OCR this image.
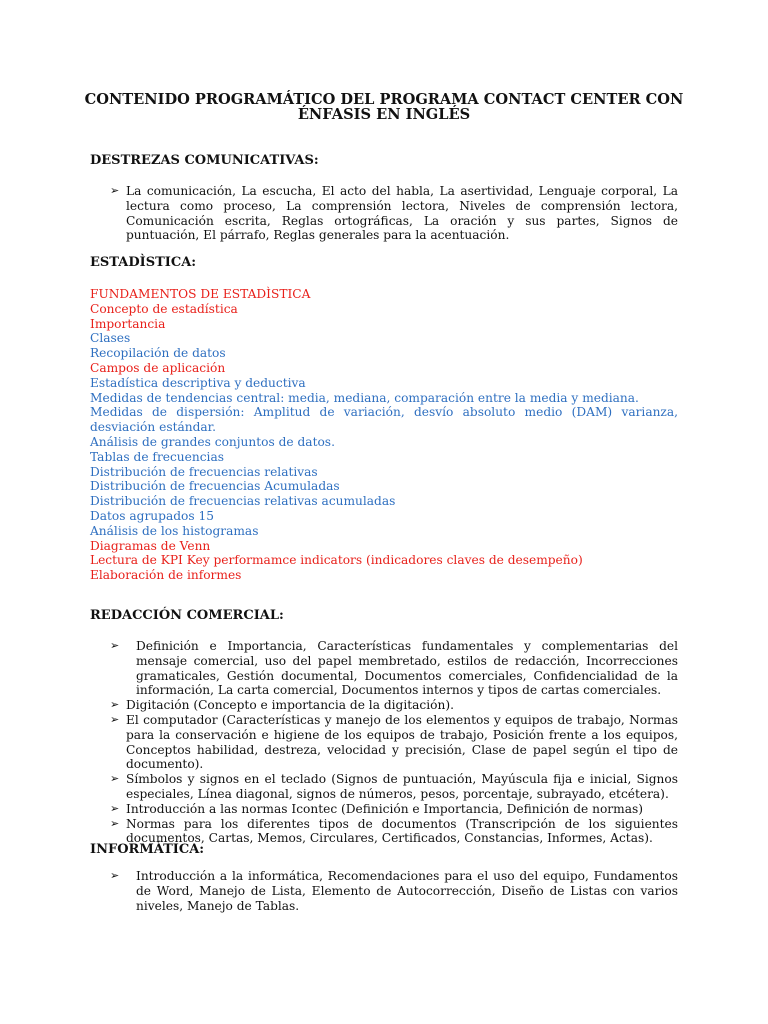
CONTENIDO PROGRAMÁTICO DEL PROGRAMA CONTACT CENTER CON ÉNFASIS EN INGLÉS
DESTREZAS COMUNICATIVAS:
➢ La comunicación, La escucha, El acto del habla, La asertividad, Lenguaje corporal, La lectura como proceso, La comprensión lectora, Niveles de comprensión lectora, Comunicación escrita, Reglas ortográficas, La oración y sus partes, Signos de puntuación, El párrafo, Reglas generales para la acentuación.
ESTADÌSTICA:
FUNDAMENTOS DE ESTADÌSTICA
Concepto de estadística
Importancia
Clases
Recopilación de datos
Campos de aplicación
Estadística descriptiva y deductiva
Medidas de tendencias central: media, mediana, comparación entre la media y mediana.
Medidas de dispersión: Amplitud de variación, desvío absoluto medio (DAM) varianza, desviación estándar.
Análisis de grandes conjuntos de datos.
Tablas de frecuencias
Distribución de frecuencias relativas
Distribución de frecuencias Acumuladas
Distribución de frecuencias relativas acumuladas
Datos agrupados 15
Análisis de los histogramas
Diagramas de Venn
Lectura de KPI Key performamce indicators (indicadores claves de desempeño)
Elaboración de informes
REDACCIÓN COMERCIAL:
➢ Definición e Importancia, Características fundamentales y complementarias del mensaje comercial, uso del papel membretado, estilos de redacción, Incorrecciones gramaticales, Gestión documental, Documentos comerciales, Confidencialidad de la información, La carta comercial, Documentos internos y tipos de cartas comerciales.
➢ Digitación (Concepto e importancia de la digitación).
➢ El computador (Características y manejo de los elementos y equipos de trabajo, Normas para la conservación e higiene de los equipos de trabajo, Posición frente a los equipos, Conceptos habilidad, destreza, velocidad y precisión, Clase de papel según el tipo de documento).
➢ Símbolos y signos en el teclado (Signos de puntuación, Mayúscula fija e inicial, Signos especiales, Línea diagonal, signos de números, pesos, porcentaje, subrayado, etcétera).
➢ Introducción a las normas Icontec (Definición e Importancia, Definición de normas)
➢ Normas para los diferentes tipos de documentos (Transcripción de los siguientes documentos, Cartas, Memos, Circulares, Certificados, Constancias, Informes, Actas).
INFORMÁTICA:
➢ Introducción a la informática, Recomendaciones para el uso del equipo, Fundamentos de Word, Manejo de Lista, Elemento de Autocorrección, Diseño de Listas con varios niveles, Manejo de Tablas.
